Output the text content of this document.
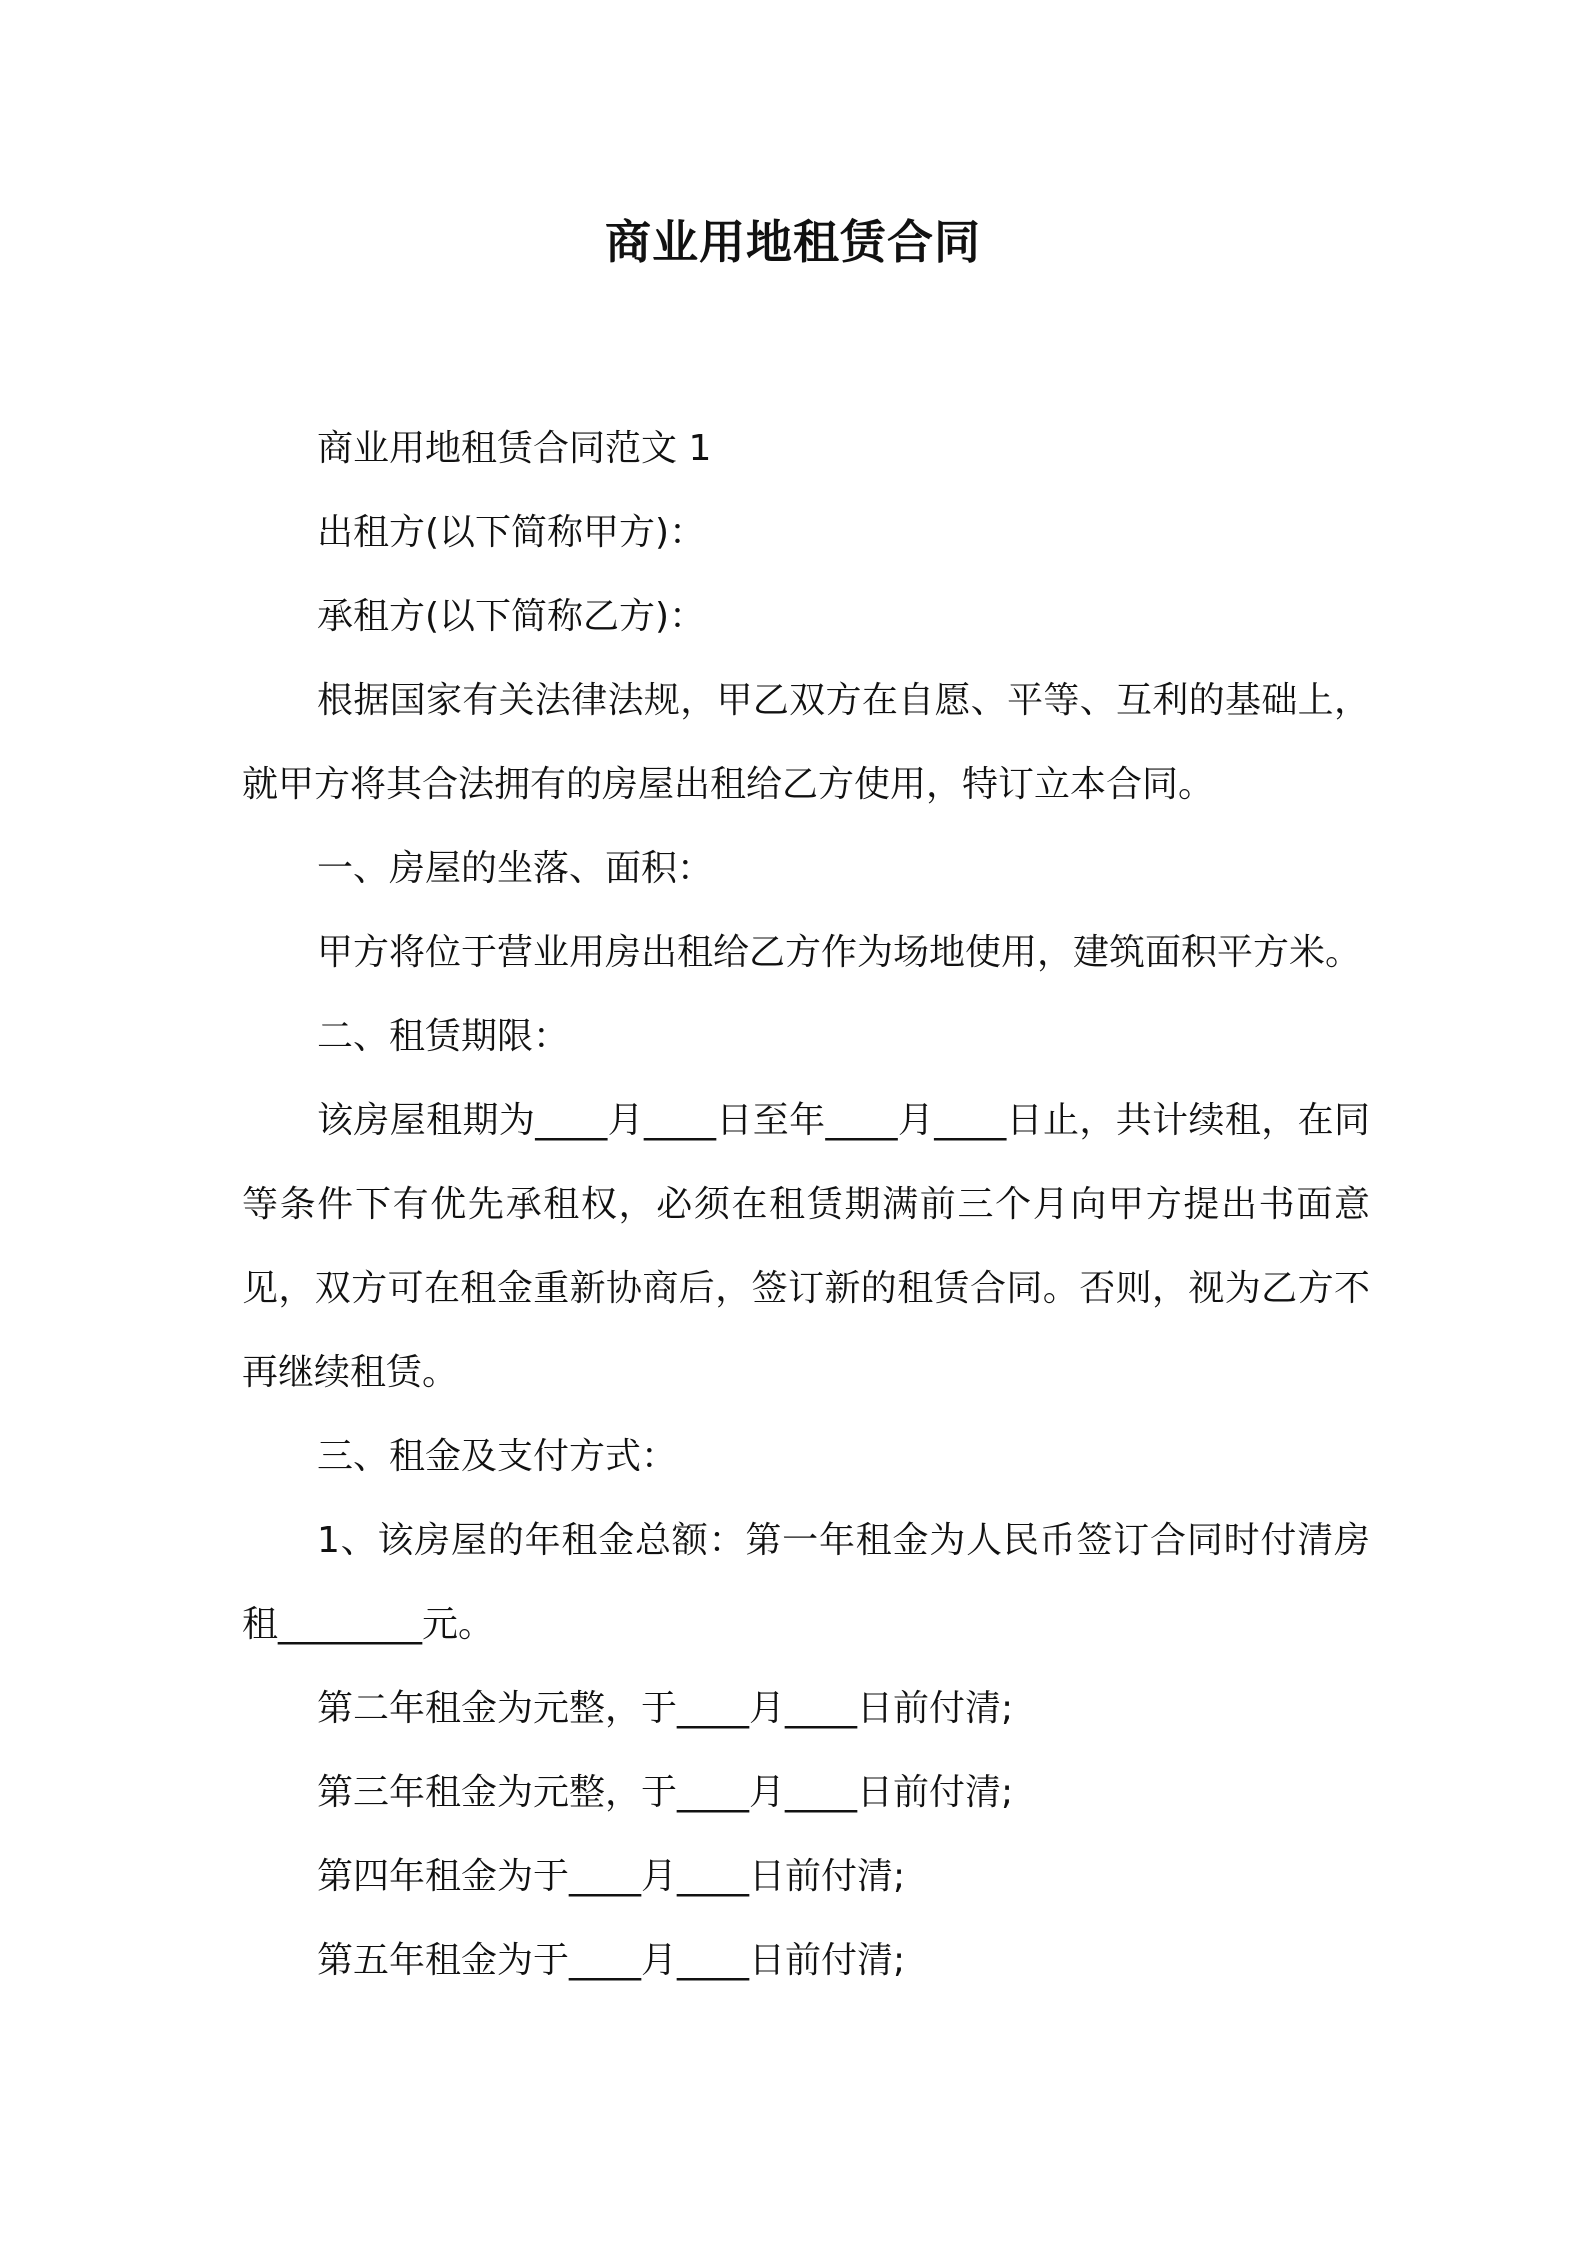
商业用地租赁合同

商业用地租赁合同范文 1

出租方(以下简称甲方)：

承租方(以下简称乙方)：

根据国家有关法律法规，甲乙双方在自愿、平等、互利的基础上，就甲方将其合法拥有的房屋出租给乙方使用，特订立本合同。

一、房屋的坐落、面积：

甲方将位于营业用房出租给乙方作为场地使用，建筑面积平方米。

二、租赁期限：

该房屋租期为____月____日至年____月____日止，共计续租，在同等条件下有优先承租权，必须在租赁期满前三个月向甲方提出书面意见，双方可在租金重新协商后，签订新的租赁合同。否则，视为乙方不再继续租赁。

三、租金及支付方式：

1、该房屋的年租金总额：第一年租金为人民币签订合同时付清房租________元。

第二年租金为元整，于____月____日前付清;

第三年租金为元整，于____月____日前付清;

第四年租金为于____月____日前付清;

第五年租金为于____月____日前付清;
